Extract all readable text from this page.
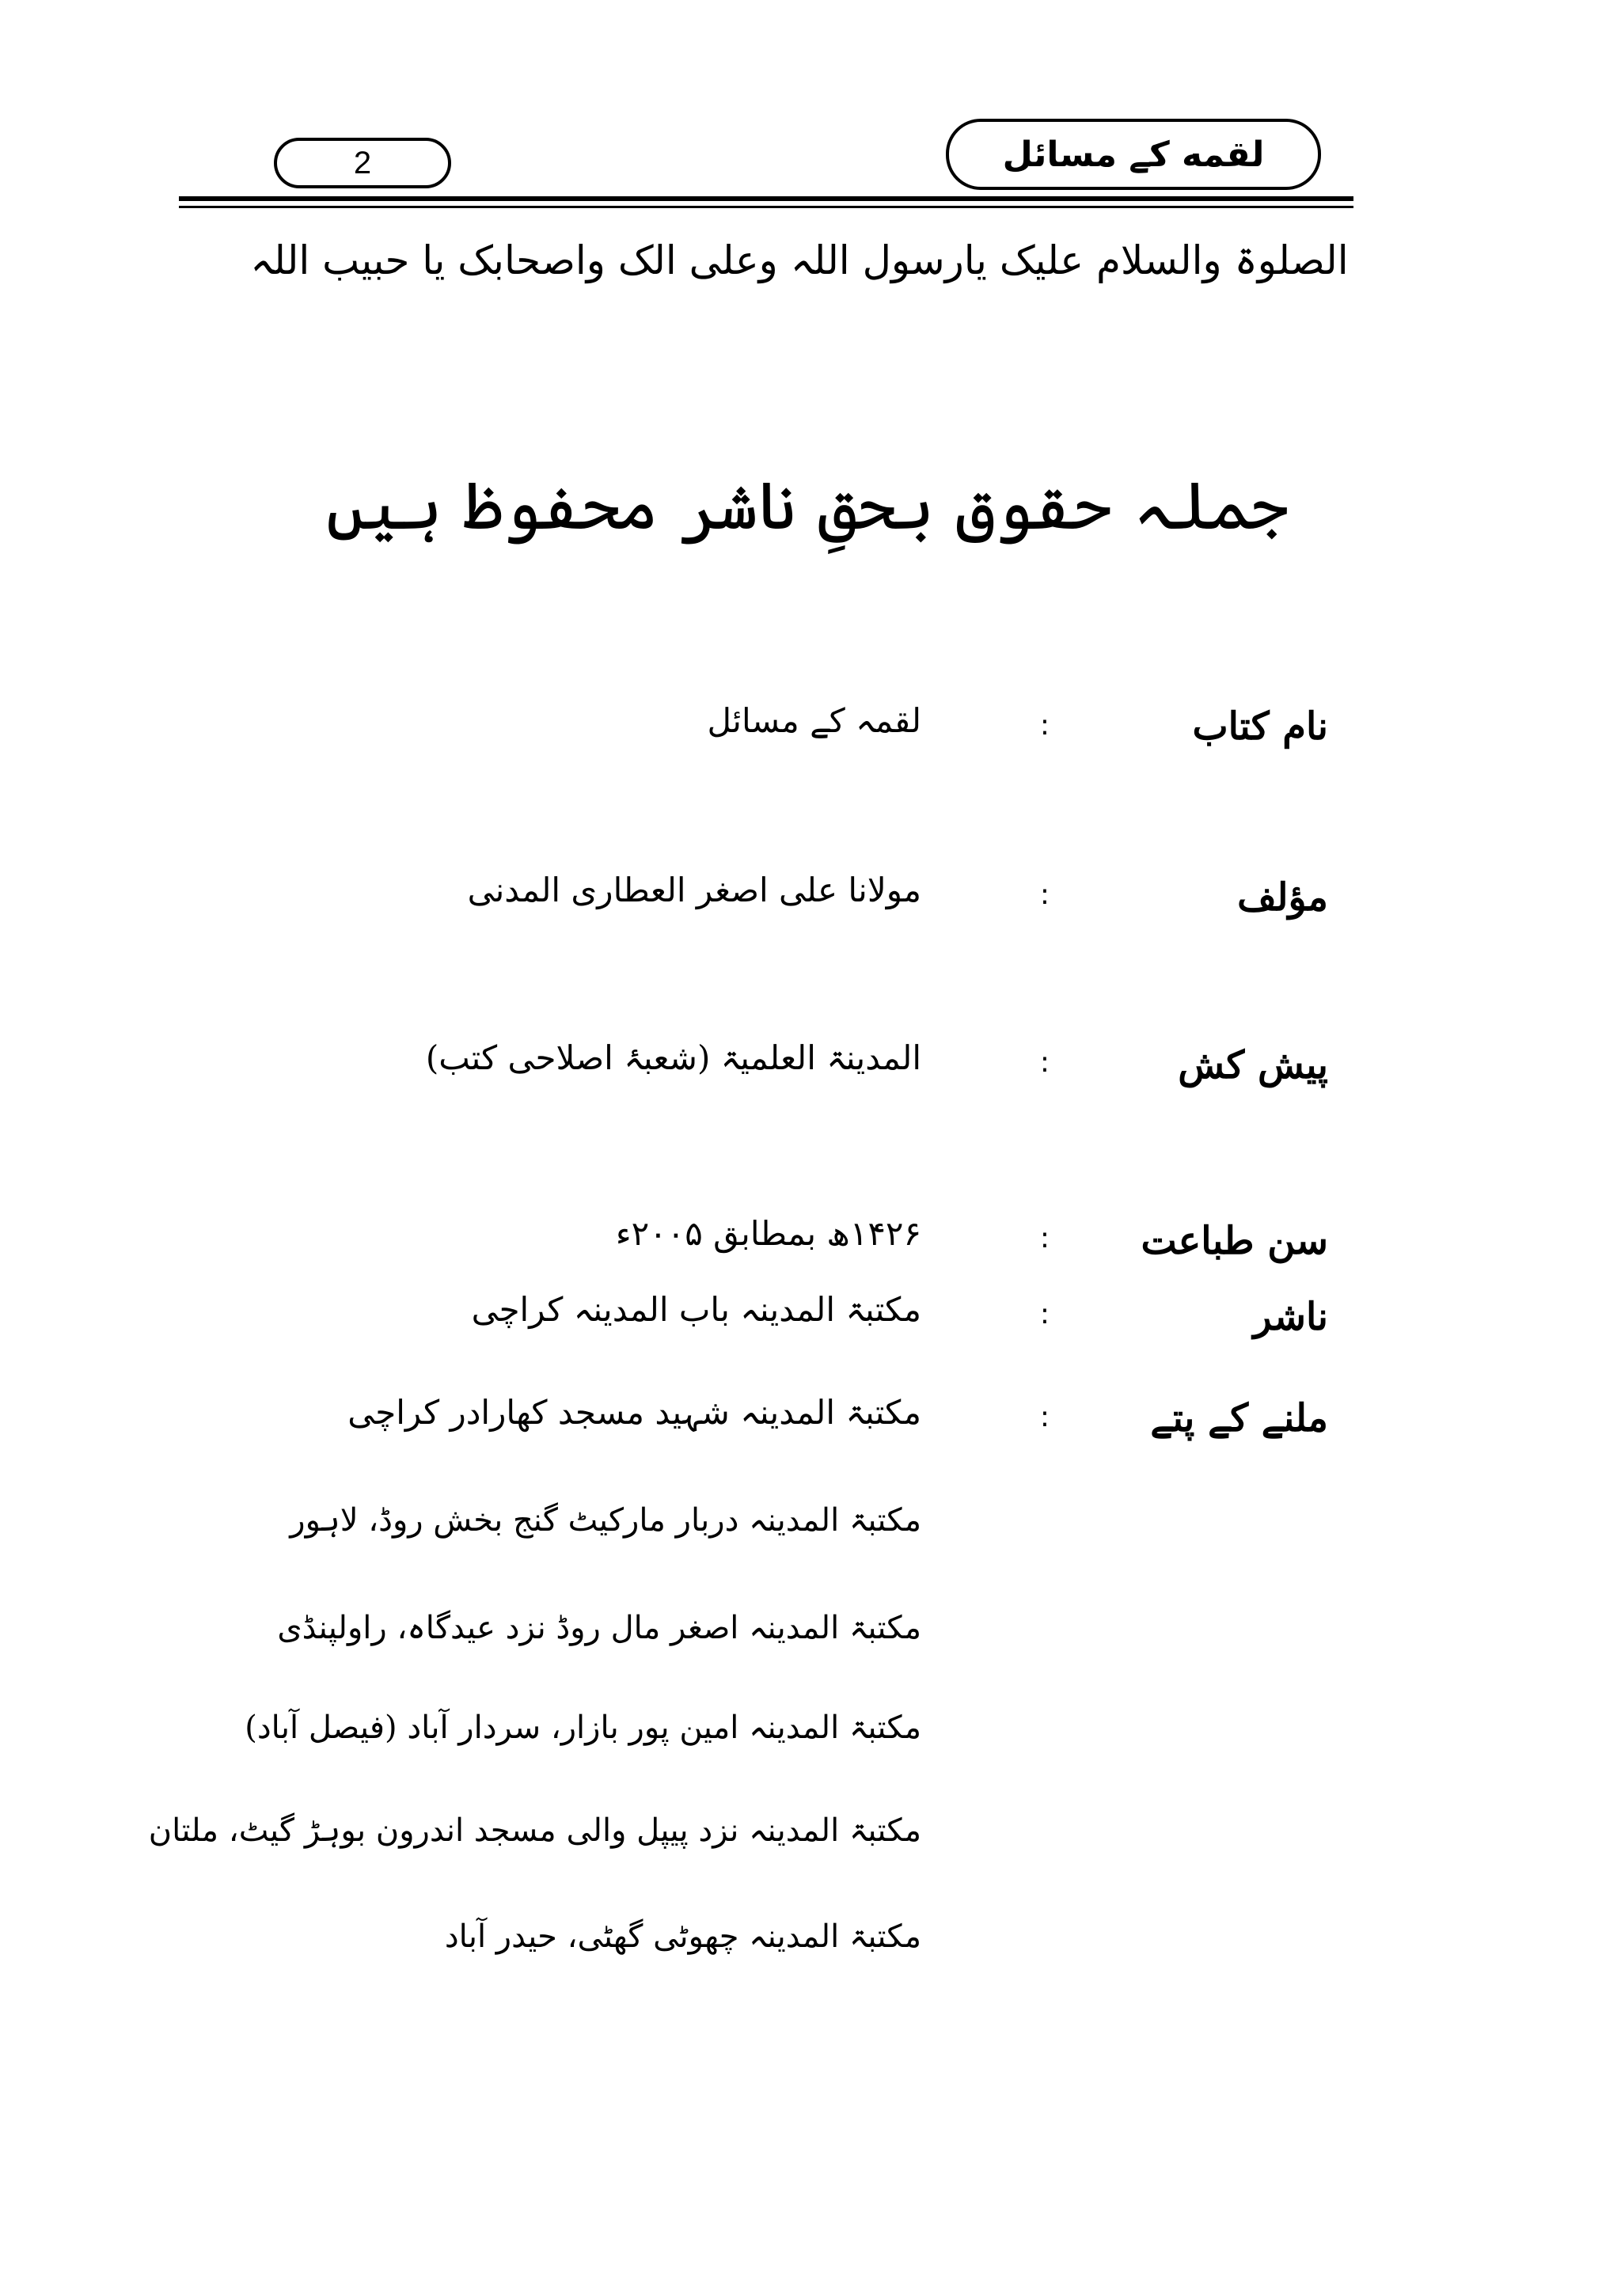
2	لقمه کے مسائل
الصلوۃ والسلام علیک یارسول اللہ وعلی الک واصحابک یا حبیب اللہ
جملہ حقوق بحقِ ناشر محفوظ ہیں
نام کتاب
:
لقمہ کے مسائل
مؤلف
:
مولانا علی اصغر العطاری المدنی
پیش کش
:
المدینۃ العلمیۃ (شعبۂ اصلاحی کتب)
سن طباعت
:
۱۴۲۶ھ بمطابق ۲۰۰۵ء
ناشر
:
مکتبۃ المدینہ باب المدینہ کراچی
ملنے کے پتے
:
مکتبۃ المدینہ شہید مسجد کھارادر کراچی
مکتبۃ المدینہ دربار مارکیٹ گنج بخش روڈ، لاہور
مکتبۃ المدینہ اصغر مال روڈ نزد عیدگاہ، راولپنڈی
مکتبۃ المدینہ امین پور بازار، سردار آباد (فیصل آباد)
مکتبۃ المدینہ نزد پیپل والی مسجد اندرون بوہڑ گیٹ، ملتان
مکتبۃ المدینہ چھوٹی گھٹی، حیدر آباد
